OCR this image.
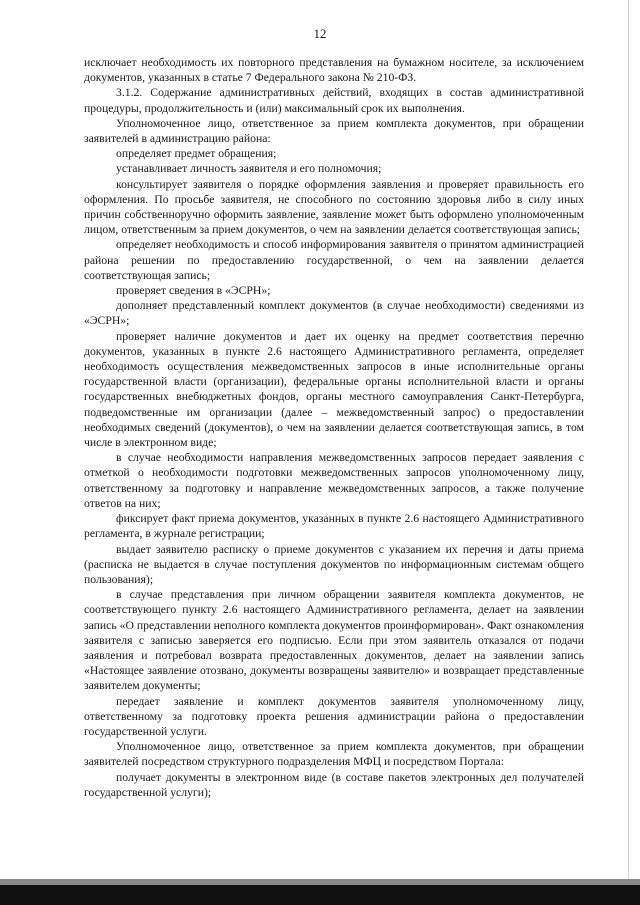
12

исключает необходимость их повторного представления на бумажном носителе, за исключением документов, указанных в статье 7 Федерального закона № 210-ФЗ.

3.1.2. Содержание административных действий, входящих в состав административной процедуры, продолжительность и (или) максимальный срок их выполнения.

Уполномоченное лицо, ответственное за прием комплекта документов, при обращении заявителей в администрацию района:

определяет предмет обращения;

устанавливает личность заявителя и его полномочия;

консультирует заявителя о порядке оформления заявления и проверяет правильность его оформления. По просьбе заявителя, не способного по состоянию здоровья либо в силу иных причин собственноручно оформить заявление, заявление может быть оформлено уполномоченным лицом, ответственным за прием документов, о чем на заявлении делается соответствующая запись;

определяет необходимость и способ информирования заявителя о принятом администрацией района решении по предоставлению государственной, о чем на заявлении делается соответствующая запись;

проверяет сведения в «ЭСРН»;

дополняет представленный комплект документов (в случае необходимости) сведениями из «ЭСРН»;

проверяет наличие документов и дает их оценку на предмет соответствия перечню документов, указанных в пункте 2.6 настоящего Административного регламента, определяет необходимость осуществления межведомственных запросов в иные исполнительные органы государственной власти (организации), федеральные органы исполнительной власти и органы государственных внебюджетных фондов, органы местного самоуправления Санкт-Петербурга, подведомственные им организации (далее – межведомственный запрос) о предоставлении необходимых сведений (документов), о чем на заявлении делается соответствующая запись, в том числе в электронном виде;

в случае необходимости направления межведомственных запросов передает заявления с отметкой о необходимости подготовки межведомственных запросов уполномоченному лицу, ответственному за подготовку и направление межведомственных запросов, а также получение ответов на них;

фиксирует факт приема документов, указанных в пункте 2.6 настоящего Административного регламента, в журнале регистрации;

выдает заявителю расписку о приеме документов с указанием их перечня и даты приема (расписка не выдается в случае поступления документов по информационным системам общего пользования);

в случае представления при личном обращении заявителя комплекта документов, не соответствующего пункту 2.6 настоящего Административного регламента, делает на заявлении запись «О представлении неполного комплекта документов проинформирован». Факт ознакомления заявителя с записью заверяется его подписью. Если при этом заявитель отказался от подачи заявления и потребовал возврата предоставленных документов, делает на заявлении запись «Настоящее заявление отозвано, документы возвращены заявителю» и возвращает представленные заявителем документы;

передает заявление и комплект документов заявителя уполномоченному лицу, ответственному за подготовку проекта решения администрации района о предоставлении государственной услуги.

Уполномоченное лицо, ответственное за прием комплекта документов, при обращении заявителей посредством структурного подразделения МФЦ и посредством Портала:

получает документы в электронном виде (в составе пакетов электронных дел получателей государственной услуги);
